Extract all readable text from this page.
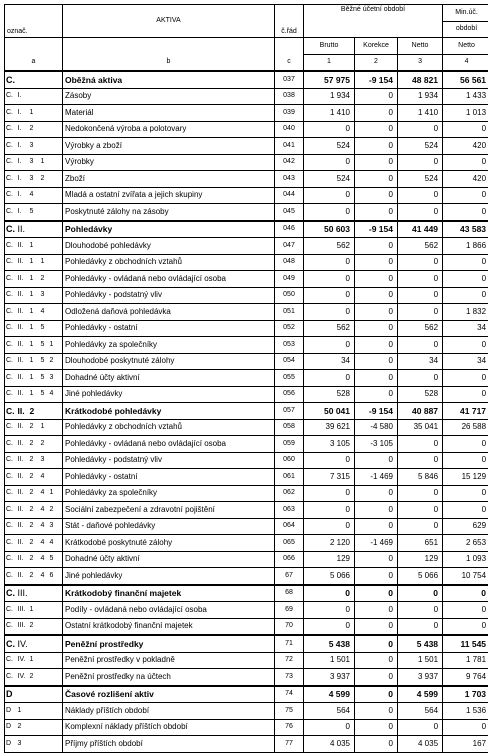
označ.					AKTIVA	č.řád	Běžné účetní období			Min.úč.
										období
							Brutto	Korekce	Netto	Netto
a					b	c	1	2	3	4
C.					Oběžná aktiva	037	57 975	-9 154	48 821	56 561
C.	I.				Zásoby	038	1 934	0	1 934	1 433
C.	I.	1			Materiál	039	1 410	0	1 410	1 013
C.	I.	2			Nedokončená výroba a polotovary	040	0	0	0	0
C.	I.	3			Výrobky a zboží	041	524	0	524	420
C.	I.	3	1		Výrobky	042	0	0	0	0
C.	I.	3	2		Zboží	043	524	0	524	420
C.	I.	4			Mladá a ostatní zvířata a jejich skupiny	044	0	0	0	0
C.	I.	5			Poskytnuté zálohy na zásoby	045	0	0	0	0
C.	II.				Pohledávky	046	50 603	-9 154	41 449	43 583
C.	II.	1			Dlouhodobé pohledávky	047	562	0	562	1 866
C.	II.	1	1		Pohledávky z obchodních vztahů	048	0	0	0	0
C.	II.	1	2		Pohledávky - ovládaná nebo ovládající osoba	049	0	0	0	0
C.	II.	1	3		Pohledávky - podstatný vliv	050	0	0	0	0
C.	II.	1	4		Odložená daňová pohledávka	051	0	0	0	1 832
C.	II.	1	5		Pohledávky - ostatní	052	562	0	562	34
C.	II.	1	5	1	Pohledávky za společníky	053	0	0	0	0
C.	II.	1	5	2	Dlouhodobé poskytnuté zálohy	054	34	0	34	34
C.	II.	1	5	3	Dohadné účty aktivní	055	0	0	0	0
C.	II.	1	5	4	Jiné pohledávky	056	528	0	528	0
C.	II.	2			Krátkodobé pohledávky	057	50 041	-9 154	40 887	41 717
C.	II.	2	1		Pohledávky z obchodních vztahů	058	39 621	-4 580	35 041	26 588
C.	II.	2	2		Pohledávky - ovládaná nebo ovládající osoba	059	3 105	-3 105	0	0
C.	II.	2	3		Pohledávky - podstatný vliv	060	0	0	0	0
C.	II.	2	4		Pohledávky - ostatní	061	7 315	-1 469	5 846	15 129
C.	II.	2	4	1	Pohledávky za společníky	062	0	0	0	0
C.	II.	2	4	2	Sociální zabezpečení a zdravotní pojištění	063	0	0	0	0
C.	II.	2	4	3	Stát - daňové pohledávky	064	0	0	0	629
C.	II.	2	4	4	Krátkodobé poskytnuté zálohy	065	2 120	-1 469	651	2 653
C.	II.	2	4	5	Dohadné účty aktivní	066	129	0	129	1 093
C.	II.	2	4	6	Jiné pohledávky	67	5 066	0	5 066	10 754
C.	III.				Krátkodobý finanční majetek	68	0	0	0	0
C.	III.	1			Podíly - ovládaná nebo ovládající osoba	69	0	0	0	0
C.	III.	2			Ostatní krátkodobý finanční majetek	70	0	0	0	0
C.	IV.				Peněžní prostředky	71	5 438	0	5 438	11 545
C.	IV.	1			Peněžní prostředky v pokladně	72	1 501	0	1 501	1 781
C.	IV.	2			Peněžní prostředky na účtech	73	3 937	0	3 937	9 764
D					Časové rozlišení aktiv	74	4 599	0	4 599	1 703
D	1				Náklady příštích období	75	564	0	564	1 536
D	2				Komplexní náklady příštích období	76	0	0	0	0
D	3				Příjmy příštích období	77	4 035	0	4 035	167
